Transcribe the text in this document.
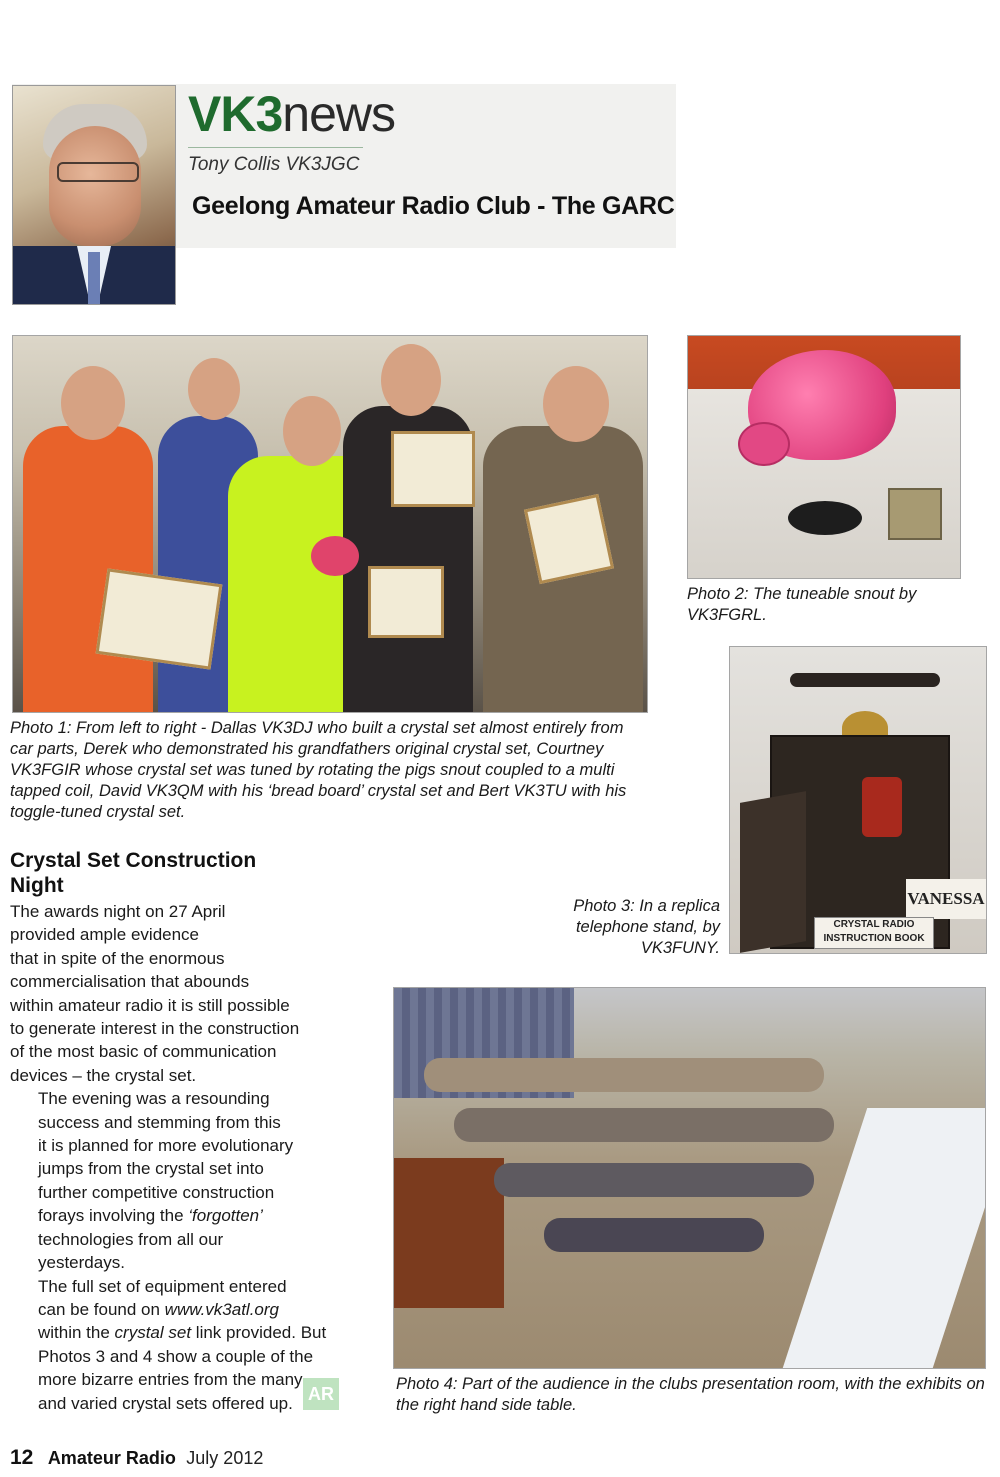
VK3news
Tony Collis VK3JGC
Geelong Amateur Radio Club - The GARC

Photo 1: From left to right - Dallas VK3DJ who built a crystal set almost entirely from car parts, Derek who demonstrated his grandfathers original crystal set, Courtney VK3FGIR whose crystal set was tuned by rotating the pigs snout coupled to a multi tapped coil, David VK3QM with his ‘bread board’ crystal set and Bert VK3TU with his toggle-tuned crystal set.

Photo 2: The tuneable snout by VK3FGRL.

VANESSA
CRYSTAL RADIO INSTRUCTION BOOK

Photo 3: In a replica telephone stand, by VK3FUNY.

Photo 4: Part of the audience in the clubs presentation room, with the exhibits on the right hand side table.

Crystal Set Construction Night

The awards night on 27 April
provided ample evidence
that in spite of the enormous
commercialisation that abounds
within amateur radio it is still possible
to generate interest in the construction
of the most basic of communication
devices – the crystal set.

The evening was a resounding
success and stemming from this
it is planned for more evolutionary
jumps from the crystal set into
further competitive construction
forays involving the ‘forgotten’
technologies from all our
yesterdays.

The full set of equipment entered
can be found on www.vk3atl.org
within the crystal set link provided. But
Photos 3 and 4 show a couple of the
more bizarre entries from the many
and varied crystal sets offered up. AR
12 Amateur Radio July 2012
